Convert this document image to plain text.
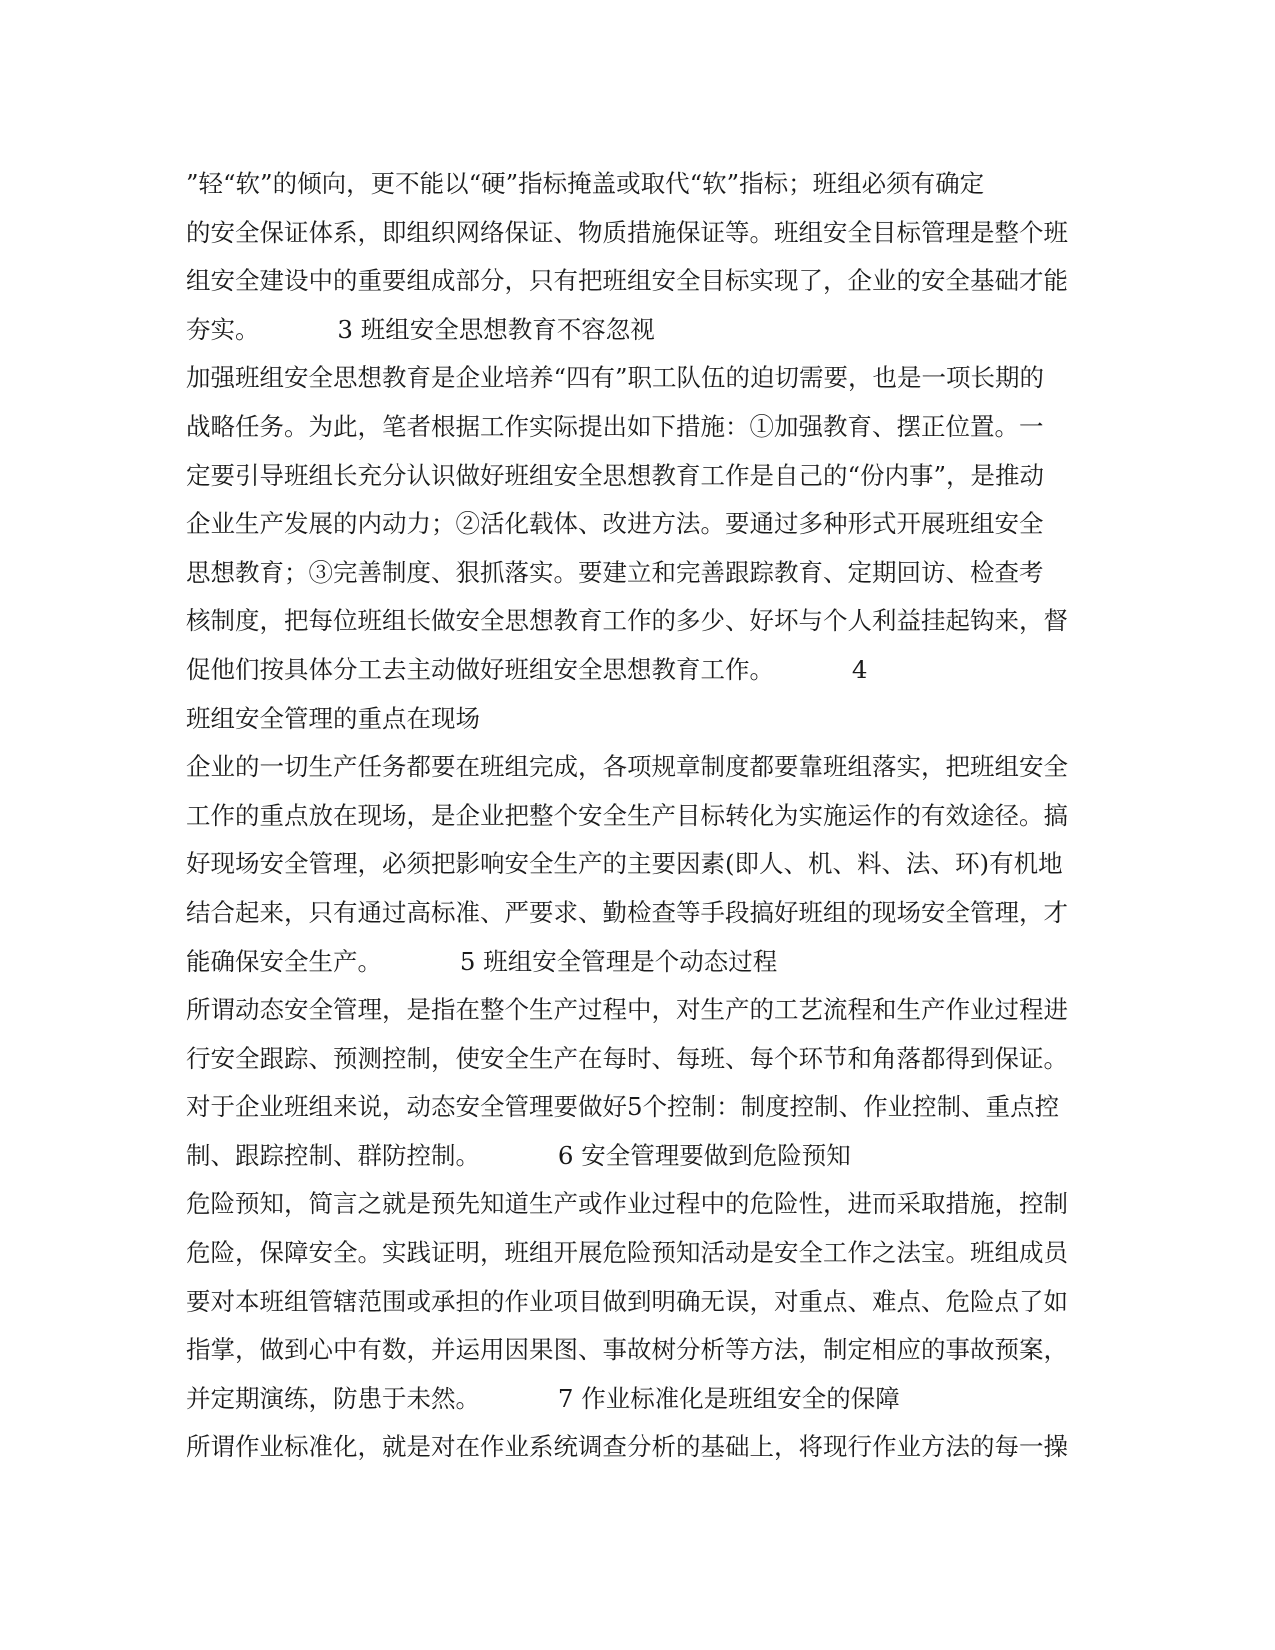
”轻“软”的倾向，更不能以“硬”指标掩盖或取代“软”指标；班组必须有确定
的安全保证体系，即组织网络保证、物质措施保证等。班组安全目标管理是整个班
组安全建设中的重要组成部分，只有把班组安全目标实现了，企业的安全基础才能
夯实。          3 班组安全思想教育不容忽视
加强班组安全思想教育是企业培养“四有”职工队伍的迫切需要，也是一项长期的
战略任务。为此，笔者根据工作实际提出如下措施：①加强教育、摆正位置。一
定要引导班组长充分认识做好班组安全思想教育工作是自己的“份内事”，是推动
企业生产发展的内动力；②活化载体、改进方法。要通过多种形式开展班组安全
思想教育；③完善制度、狠抓落实。要建立和完善跟踪教育、定期回访、检查考
核制度，把每位班组长做安全思想教育工作的多少、好坏与个人利益挂起钩来，督
促他们按具体分工去主动做好班组安全思想教育工作。          4
班组安全管理的重点在现场
企业的一切生产任务都要在班组完成，各项规章制度都要靠班组落实，把班组安全
工作的重点放在现场，是企业把整个安全生产目标转化为实施运作的有效途径。搞
好现场安全管理，必须把影响安全生产的主要因素(即人、机、料、法、环)有机地
结合起来，只有通过高标准、严要求、勤检查等手段搞好班组的现场安全管理，才
能确保安全生产。          5 班组安全管理是个动态过程
所谓动态安全管理，是指在整个生产过程中，对生产的工艺流程和生产作业过程进
行安全跟踪、预测控制，使安全生产在每时、每班、每个环节和角落都得到保证。
对于企业班组来说，动态安全管理要做好5个控制：制度控制、作业控制、重点控
制、跟踪控制、群防控制。          6 安全管理要做到危险预知
危险预知，简言之就是预先知道生产或作业过程中的危险性，进而采取措施，控制
危险，保障安全。实践证明，班组开展危险预知活动是安全工作之法宝。班组成员
要对本班组管辖范围或承担的作业项目做到明确无误，对重点、难点、危险点了如
指掌，做到心中有数，并运用因果图、事故树分析等方法，制定相应的事故预案，
并定期演练，防患于未然。          7 作业标准化是班组安全的保障
所谓作业标准化，就是对在作业系统调查分析的基础上，将现行作业方法的每一操
